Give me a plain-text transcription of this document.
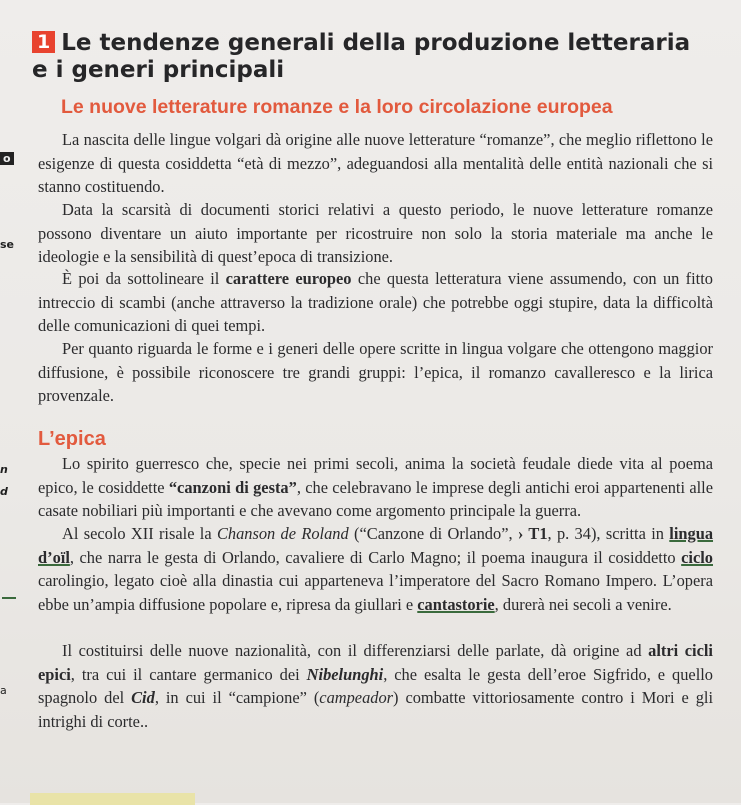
1 Le tendenze generali della produzione letteraria e i generi principali
Le nuove letterature romanze e la loro circolazione europea
o
se
n
d
a

La nascita delle lingue volgari dà origine alle nuove letterature “romanze”, che meglio riflettono le esigenze di questa cosiddetta “età di mezzo”, adeguandosi alla mentalità delle entità nazionali che si stanno costituendo.

Data la scarsità di documenti storici relativi a questo periodo, le nuove letterature romanze possono diventare un aiuto importante per ricostruire non solo la storia materiale ma anche le ideologie e la sensibilità di quest’epoca di transizione.

È poi da sottolineare il carattere europeo che questa letteratura viene assumendo, con un fitto intreccio di scambi (anche attraverso la tradizione orale) che potrebbe oggi stupire, data la difficoltà delle comunicazioni di quei tempi.

Per quanto riguarda le forme e i generi delle opere scritte in lingua volgare che ottengono maggior diffusione, è possibile riconoscere tre grandi gruppi: l’epica, il romanzo cavalleresco e la lirica provenzale.

L’epica

Lo spirito guerresco che, specie nei primi secoli, anima la società feudale diede vita al poema epico, le cosiddette “canzoni di gesta”, che celebravano le imprese degli antichi eroi appartenenti alle casate nobiliari più importanti e che avevano come argomento principale la guerra.

Al secolo XII risale la Chanson de Roland (“Canzone di Orlando”, › T1, p. 34), scritta in lingua d’oïl, che narra le gesta di Orlando, cavaliere di Carlo Magno; il poema inaugura il cosiddetto ciclo carolingio, legato cioè alla dinastia cui apparteneva l’imperatore del Sacro Romano Impero. L’opera ebbe un’ampia diffusione popolare e, ripresa da giullari e cantastorie, durerà nei secoli a venire.

Il costituirsi delle nuove nazionalità, con il differenziarsi delle parlate, dà origine ad altri cicli epici, tra cui il cantare germanico dei Nibelunghi, che esalta le gesta dell’eroe Sigfrido, e quello spagnolo del Cid, in cui il “campione” (campeador) combatte vittoriosamente contro i Mori e gli intrighi di corte..
